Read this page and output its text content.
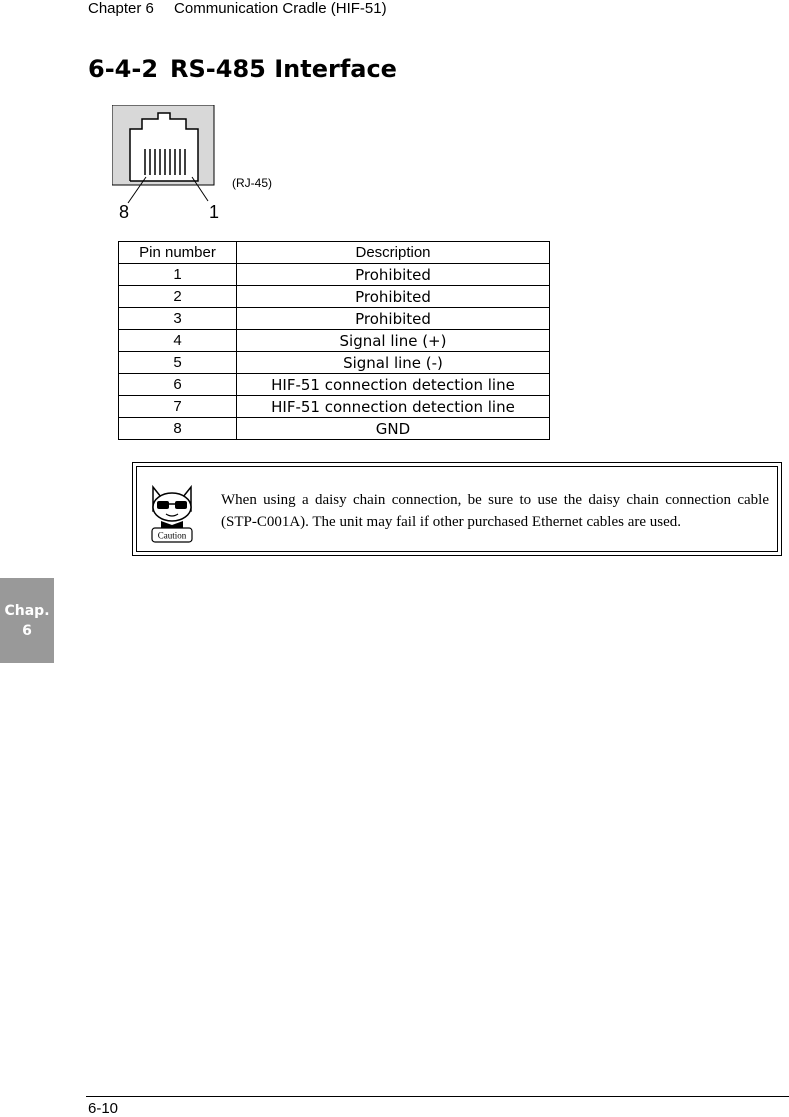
Chapter 6 Communication Cradle (HIF-51)
6-4-2 RS-485 Interface
(RJ-45)
8	1
Pin number	Description
1	Prohibited
2	Prohibited
3	Prohibited
4	Signal line (+)
5	Signal line (-)
6	HIF-51 connection detection line
7	HIF-51 connection detection line
8	GND
Caution
When using a daisy chain connection, be sure to use the daisy chain connection cable (STP-C001A). The unit may fail if other purchased Ethernet cables are used.
Chap.
6
6-10
